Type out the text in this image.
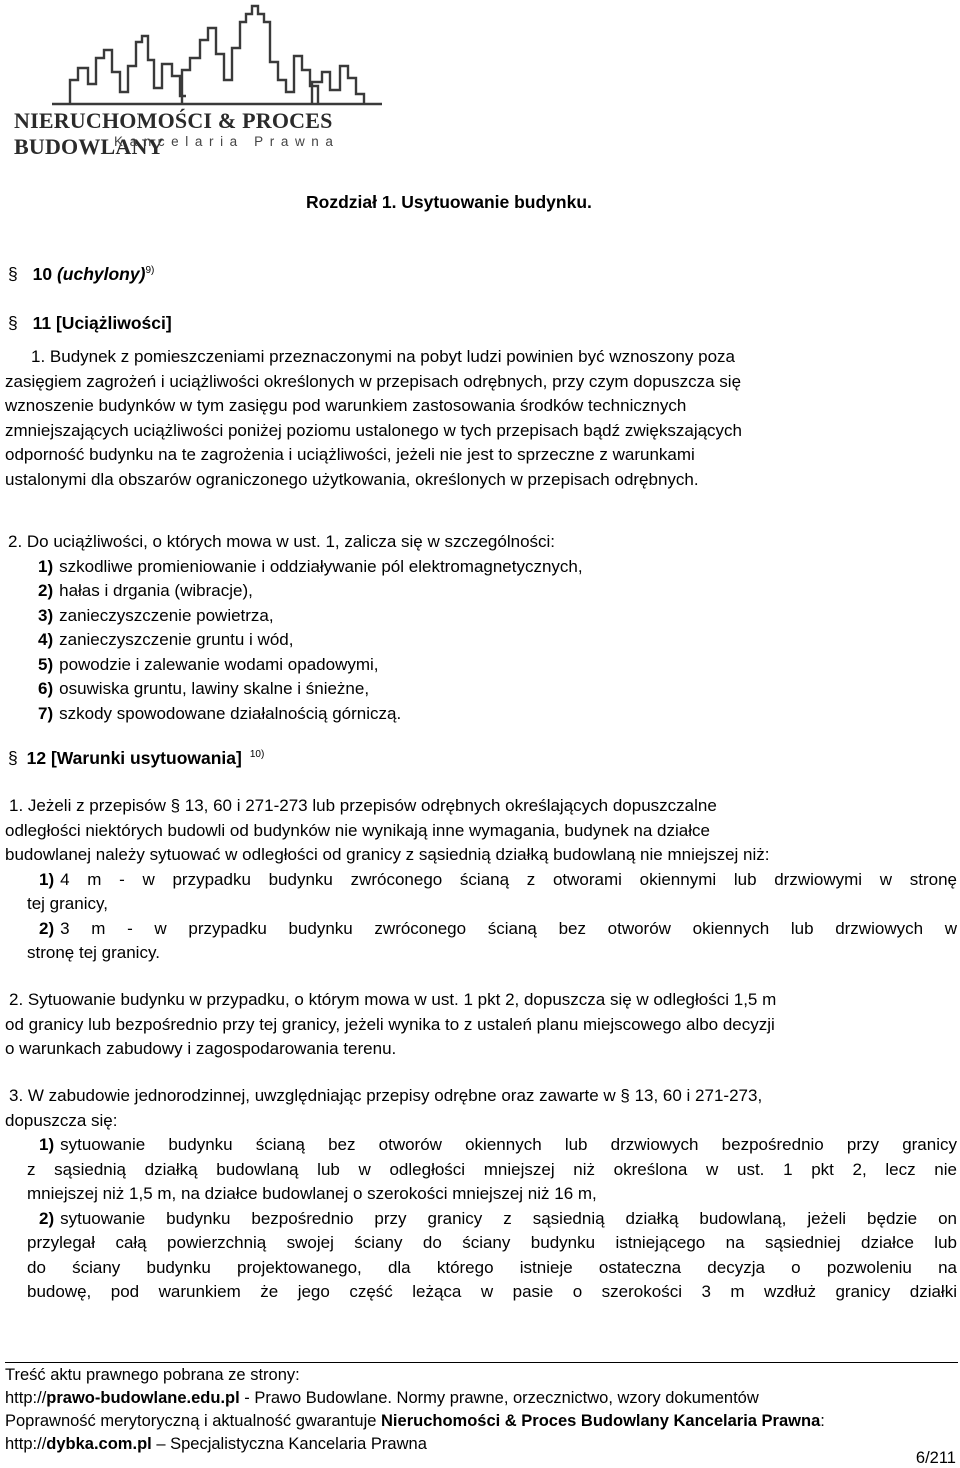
NIERUCHOMOŚCI & PROCES BUDOWLANY
Kancelaria Prawna
Rozdział 1. Usytuowanie budynku.
§ 10 (uchylony)$^{9)}$
§ 11 [Uciążliwości]
1. Budynek z pomieszczeniami przeznaczonymi na pobyt ludzi powinien być wznoszony poza
zasięgiem zagrożeń i uciążliwości określonych w przepisach odrębnych, przy czym dopuszcza się
wznoszenie budynków w tym zasięgu pod warunkiem zastosowania środków technicznych
zmniejszających uciążliwości poniżej poziomu ustalonego w tych przepisach bądź zwiększających
odporność budynku na te zagrożenia i uciążliwości, jeżeli nie jest to sprzeczne z warunkami
ustalonymi dla obszarów ograniczonego użytkowania, określonych w przepisach odrębnych.
2. Do uciążliwości, o których mowa w ust. 1, zalicza się w szczególności:
1) szkodliwe promieniowanie i oddziaływanie pól elektromagnetycznych,
2) hałas i drgania (wibracje),
3) zanieczyszczenie powietrza,
4) zanieczyszczenie gruntu i wód,
5) powodzie i zalewanie wodami opadowymi,
6) osuwiska gruntu, lawiny skalne i śnieżne,
7) szkody spowodowane działalnością górniczą.
§ 12 [Warunki usytuowania] $^{10)}$
1. Jeżeli z przepisów § 13, 60 i 271-273 lub przepisów odrębnych określających dopuszczalne
odległości niektórych budowli od budynków nie wynikają inne wymagania, budynek na działce
budowlanej należy sytuować w odległości od granicy z sąsiednią działką budowlaną nie mniejszej niż:
1) 4 m - w przypadku budynku zwróconego ścianą z otworami okiennymi lub drzwiowymi w stronę
tej granicy,
2) 3 m - w przypadku budynku zwróconego ścianą bez otworów okiennych lub drzwiowych w
stronę tej granicy.
2. Sytuowanie budynku w przypadku, o którym mowa w ust. 1 pkt 2, dopuszcza się w odległości 1,5 m
od granicy lub bezpośrednio przy tej granicy, jeżeli wynika to z ustaleń planu miejscowego albo decyzji
o warunkach zabudowy i zagospodarowania terenu.
3. W zabudowie jednorodzinnej, uwzględniając przepisy odrębne oraz zawarte w § 13, 60 i 271-273,
dopuszcza się:
1) sytuowanie budynku ścianą bez otworów okiennych lub drzwiowych bezpośrednio przy granicy
z sąsiednią działką budowlaną lub w odległości mniejszej niż określona w ust. 1 pkt 2, lecz nie
mniejszej niż 1,5 m, na działce budowlanej o szerokości mniejszej niż 16 m,
2) sytuowanie budynku bezpośrednio przy granicy z sąsiednią działką budowlaną, jeżeli będzie on
przylegał całą powierzchnią swojej ściany do ściany budynku istniejącego na sąsiedniej działce lub
do ściany budynku projektowanego, dla którego istnieje ostateczna decyzja o pozwoleniu na
budowę, pod warunkiem że jego część leżąca w pasie o szerokości 3 m wzdłuż granicy działki
Treść aktu prawnego pobrana ze strony:
http://prawo-budowlane.edu.pl - Prawo Budowlane. Normy prawne, orzecznictwo, wzory dokumentów
Poprawność merytoryczną i aktualność gwarantuje Nieruchomości & Proces Budowlany Kancelaria Prawna:
http://dybka.com.pl – Specjalistyczna Kancelaria Prawna
6/211
